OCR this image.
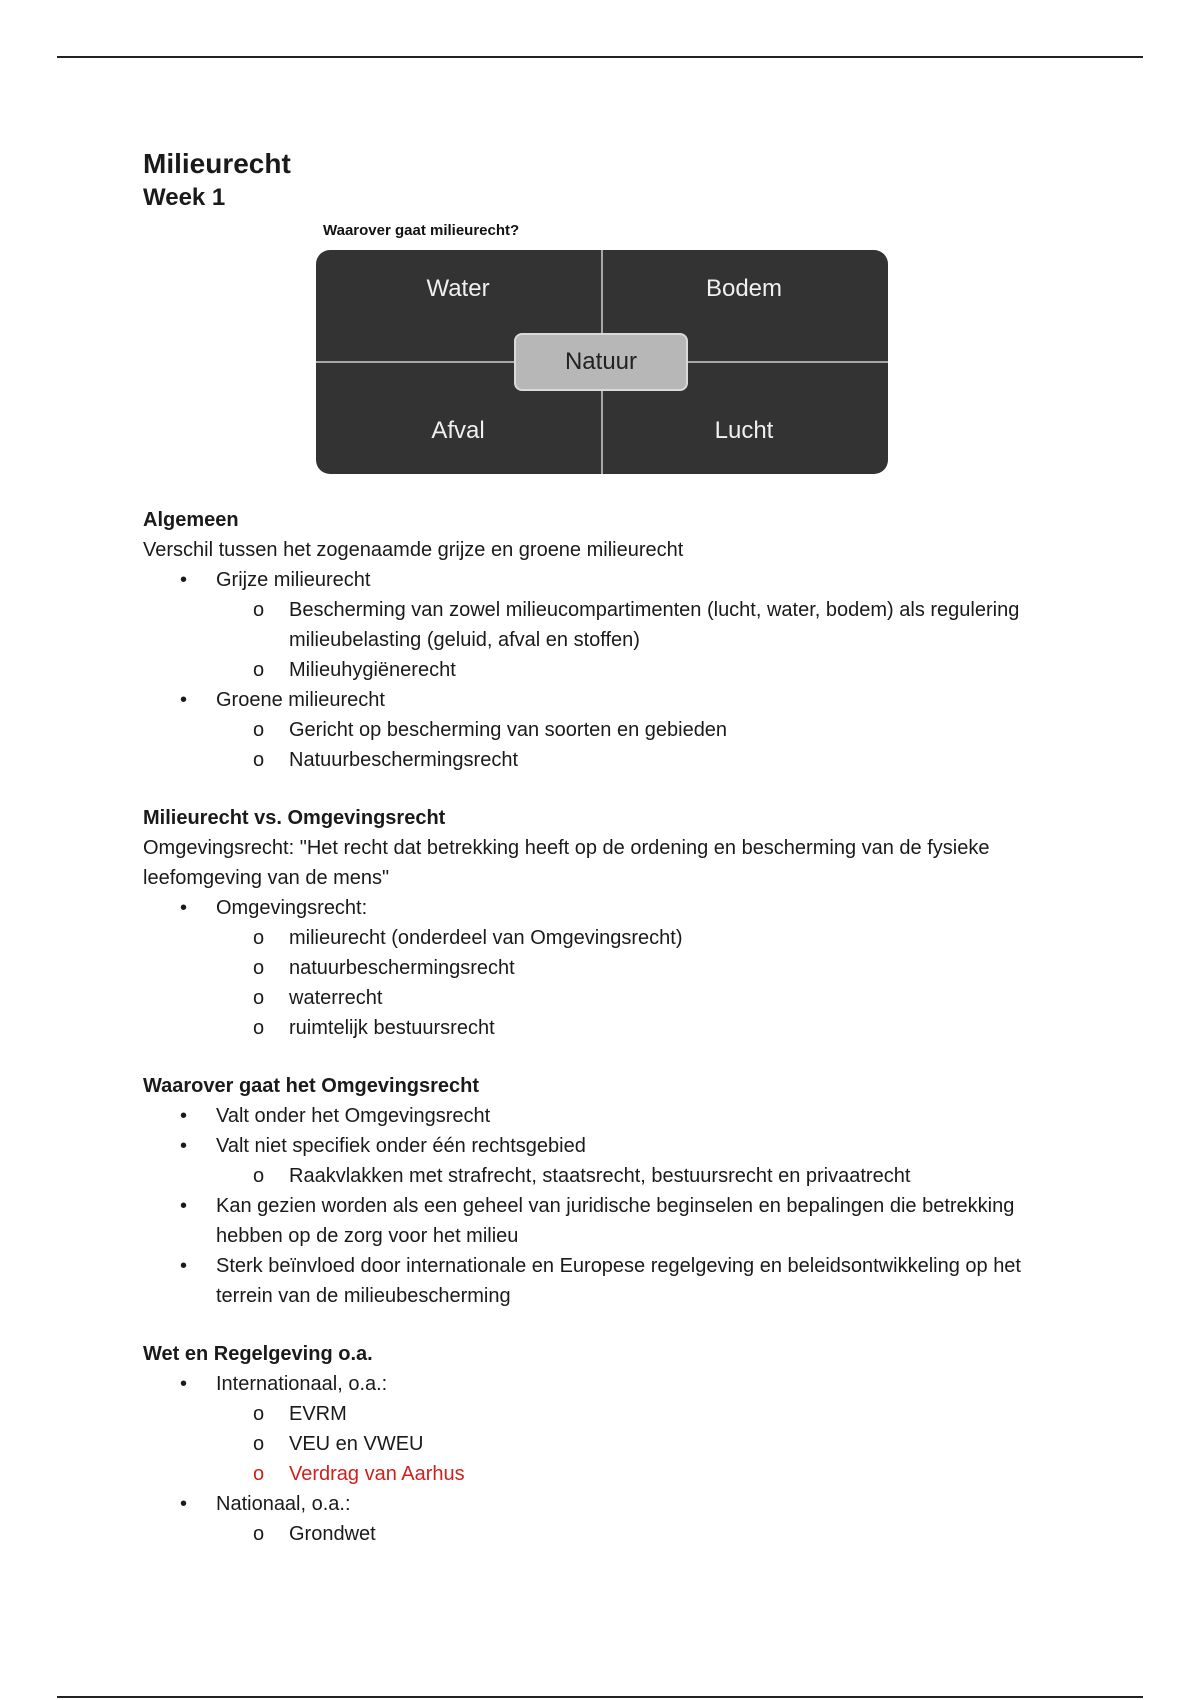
Milieurecht
Week 1
Waarover gaat milieurecht?
Water	Bodem
Afval	Lucht
Natuur

Algemeen

Verschil tussen het zogenaamde grijze en groene milieurecht

• Grijze milieurecht
o Bescherming van zowel milieucompartimenten (lucht, water, bodem) als regulering milieubelasting (geluid, afval en stoffen)
o Milieuhygiënerecht
• Groene milieurecht
o Gericht op bescherming van soorten en gebieden
o Natuurbeschermingsrecht

Milieurecht vs. Omgevingsrecht

Omgevingsrecht: "Het recht dat betrekking heeft op de ordening en bescherming van de fysieke leefomgeving van de mens"

• Omgevingsrecht:
o milieurecht (onderdeel van Omgevingsrecht)
o natuurbeschermingsrecht
o waterrecht
o ruimtelijk bestuursrecht

Waarover gaat het Omgevingsrecht

• Valt onder het Omgevingsrecht
• Valt niet specifiek onder één rechtsgebied
o Raakvlakken met strafrecht, staatsrecht, bestuursrecht en privaatrecht
• Kan gezien worden als een geheel van juridische beginselen en bepalingen die betrekking hebben op de zorg voor het milieu
• Sterk beïnvloed door internationale en Europese regelgeving en beleidsontwikkeling op het terrein van de milieubescherming

Wet en Regelgeving o.a.

• Internationaal, o.a.:
o EVRM
o VEU en VWEU
o Verdrag van Aarhus
• Nationaal, o.a.:
o Grondwet
